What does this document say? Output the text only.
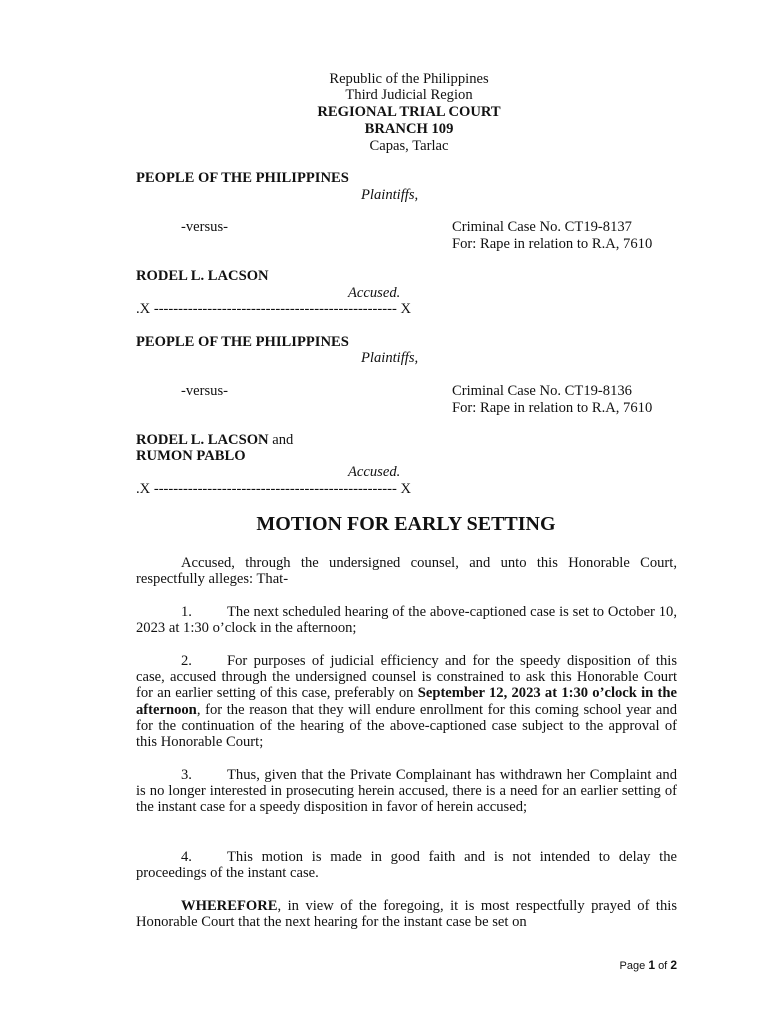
Republic of the Philippines
Third Judicial Region
REGIONAL TRIAL COURT
BRANCH 109
Capas, Tarlac
PEOPLE OF THE PHILIPPINES
Plaintiffs,
-versus-	Criminal Case No. CT19-8137
For: Rape in relation to R.A, 7610
RODEL L. LACSON
Accused.
.X -------------------------------------------------- X
PEOPLE OF THE PHILIPPINES
Plaintiffs,
-versus-	Criminal Case No. CT19-8136
For: Rape in relation to R.A, 7610
RODEL L. LACSON and
RUMON PABLO
Accused.
.X -------------------------------------------------- X
MOTION FOR EARLY SETTING

Accused, through the undersigned counsel, and unto this Honorable Court, respectfully alleges: That-

1. The next scheduled hearing of the above-captioned case is set to October 10, 2023 at 1:30 o’clock in the afternoon;

2. For purposes of judicial efficiency and for the speedy disposition of this case, accused through the undersigned counsel is constrained to ask this Honorable Court for an earlier setting of this case, preferably on September 12, 2023 at 1:30 o’clock in the afternoon, for the reason that they will endure enrollment for this coming school year and for the continuation of the hearing of the above-captioned case subject to the approval of this Honorable Court;

3. Thus, given that the Private Complainant has withdrawn her Complaint and is no longer interested in prosecuting herein accused, there is a need for an earlier setting of the instant case for a speedy disposition in favor of herein accused;

4. This motion is made in good faith and is not intended to delay the proceedings of the instant case.

WHEREFORE, in view of the foregoing, it is most respectfully prayed of this Honorable Court that the next hearing for the instant case be set on

Page 1 of 2
